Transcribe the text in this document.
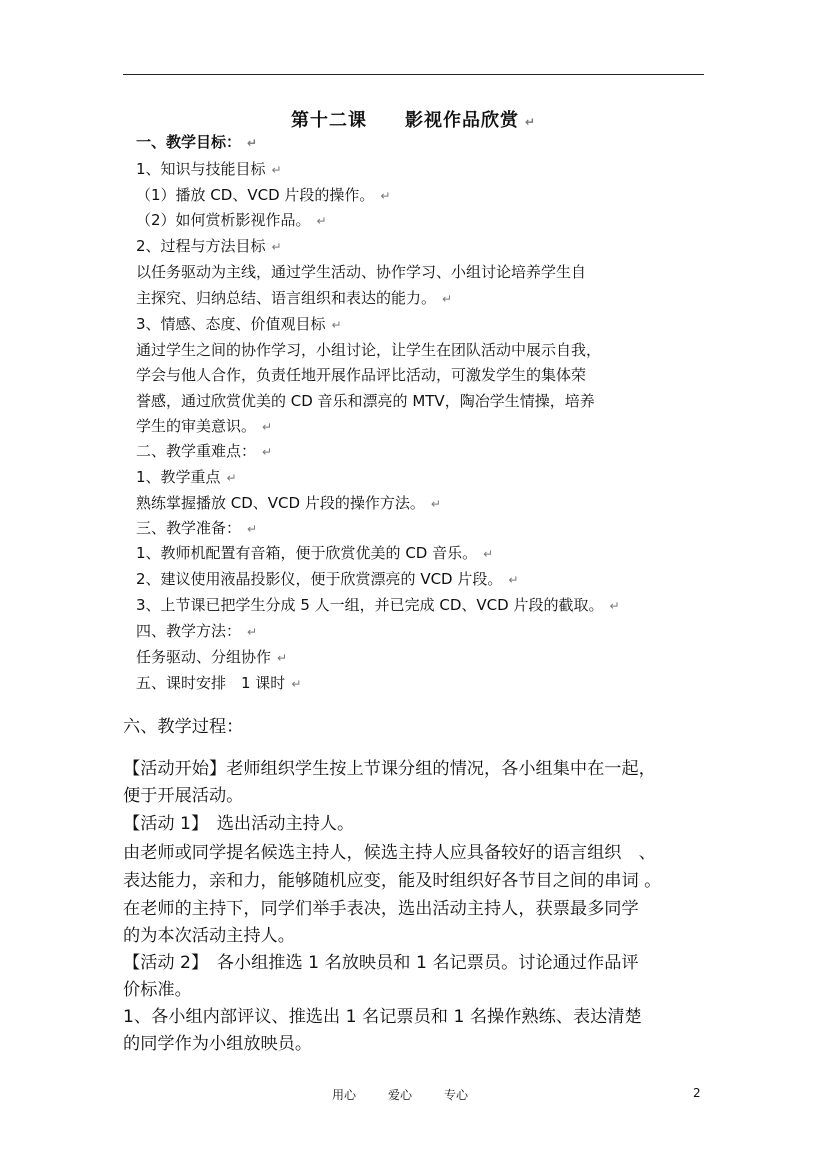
第十二课　　影视作品欣赏 ↵
一、教学目标： ↵
1、知识与技能目标 ↵
（1）播放 CD、VCD 片段的操作。 ↵
（2）如何赏析影视作品。 ↵
2、过程与方法目标 ↵
以任务驱动为主线，通过学生活动、协作学习、小组讨论培养学生自
主探究、归纳总结、语言组织和表达的能力。 ↵
3、情感、态度、价值观目标 ↵
通过学生之间的协作学习，小组讨论，让学生在团队活动中展示自我，
学会与他人合作，负责任地开展作品评比活动，可激发学生的集体荣
誉感，通过欣赏优美的 CD 音乐和漂亮的 MTV，陶冶学生情操，培养
学生的审美意识。 ↵
二、教学重难点： ↵
1、教学重点 ↵
熟练掌握播放 CD、VCD 片段的操作方法。 ↵
三、教学准备： ↵
1、教师机配置有音箱，便于欣赏优美的 CD 音乐。 ↵
2、建议使用液晶投影仪，便于欣赏漂亮的 VCD 片段。 ↵
3、上节课已把学生分成 5 人一组，并已完成 CD、VCD 片段的截取。 ↵
四、教学方法： ↵
任务驱动、分组协作 ↵
五、课时安排　1 课时 ↵
六、教学过程：
【活动开始】老师组织学生按上节课分组的情况，各小组集中在一起，
便于开展活动。
【活动 1】　选出活动主持人。
由老师或同学提名候选主持人，候选主持人应具备较好的语言组织　、
表达能力，亲和力，能够随机应变，能及时组织好各节目之间的串词 。
在老师的主持下，同学们举手表决，选出活动主持人，获票最多同学
的为本次活动主持人。
【活动 2】　各小组推选 1 名放映员和 1 名记票员。讨论通过作品评
价标准。
1、各小组内部评议、推选出 1 名记票员和 1 名操作熟练、表达清楚
的同学作为小组放映员。
用心	爱心	专心	2
